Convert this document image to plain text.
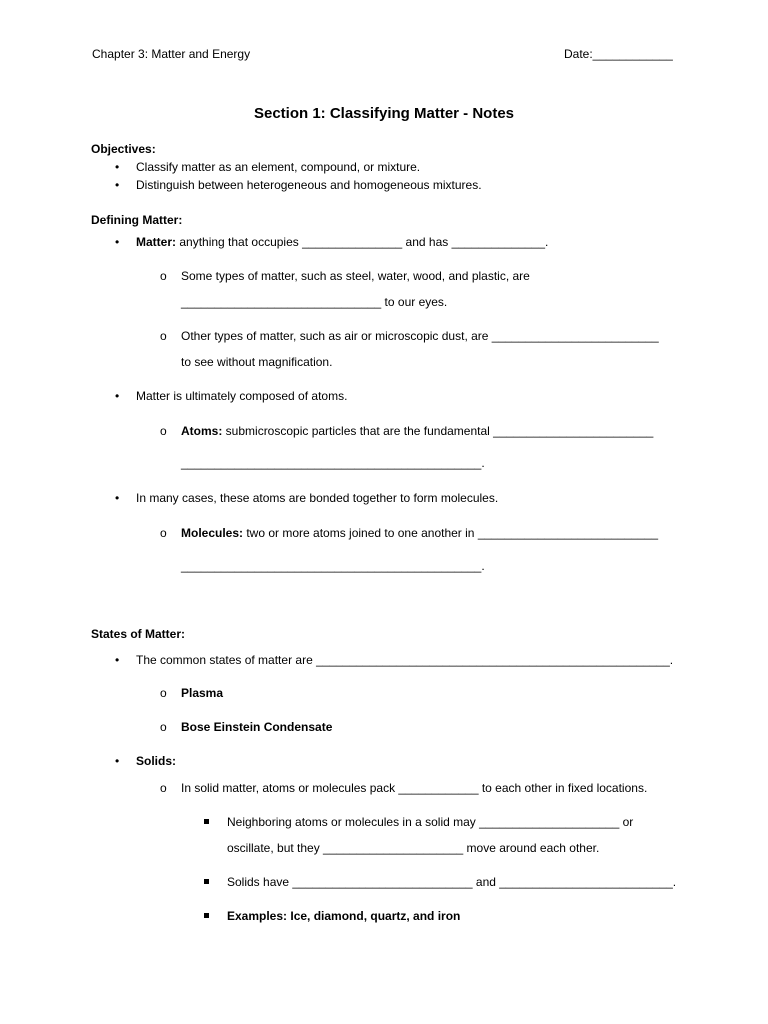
Chapter 3: Matter and Energy	Date:____________
Section 1: Classifying Matter - Notes
Objectives:
• Classify matter as an element, compound, or mixture.
• Distinguish between heterogeneous and homogeneous mixtures.
Defining Matter:
• Matter: anything that occupies _______________ and has ______________.
o Some types of matter, such as steel, water, wood, and plastic, are
______________________________ to our eyes.
o Other types of matter, such as air or microscopic dust, are _________________________
to see without magnification.
• Matter is ultimately composed of atoms.
o Atoms: submicroscopic particles that are the fundamental ________________________
_____________________________________________.
• In many cases, these atoms are bonded together to form molecules.
o Molecules: two or more atoms joined to one another in ___________________________
_____________________________________________.
States of Matter:
• The common states of matter are _____________________________________________________.
o Plasma
o Bose Einstein Condensate
• Solids:
o In solid matter, atoms or molecules pack ____________ to each other in fixed locations.
Neighboring atoms or molecules in a solid may _____________________ or
oscillate, but they _____________________ move around each other.
Solids have ___________________________ and __________________________.
Examples: Ice, diamond, quartz, and iron
